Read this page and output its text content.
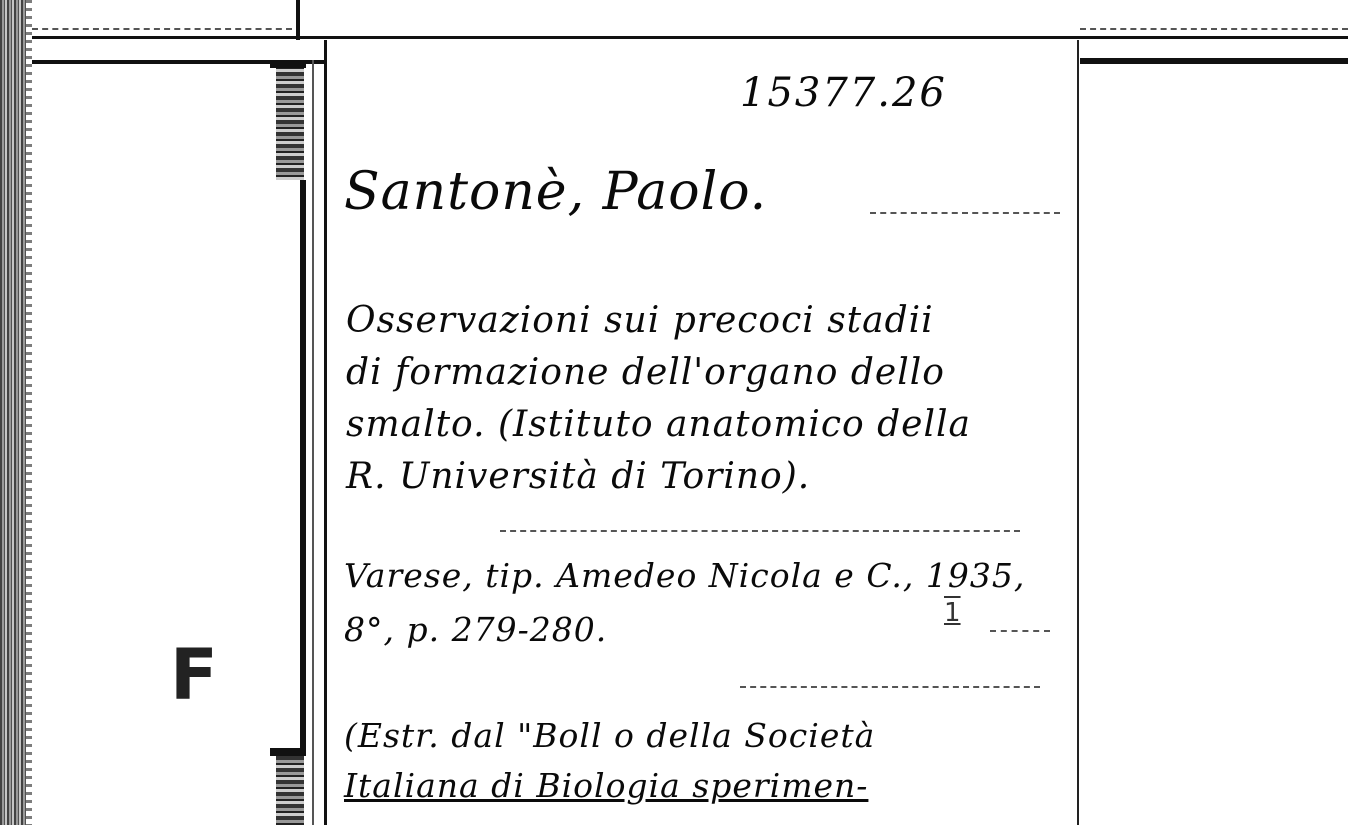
15377.26
Santonè, Paolo.
Osservazioni sui precoci stadii
di formazione dell'organo dello
smalto. (Istituto anatomico della
R. Università di Torino).
Varese, tip. Amedeo Nicola e C., 1935,
8°, p. 279-280.	1
(Estr. dal "Boll o della Società
Italiana di Biologia sperimen-
F
